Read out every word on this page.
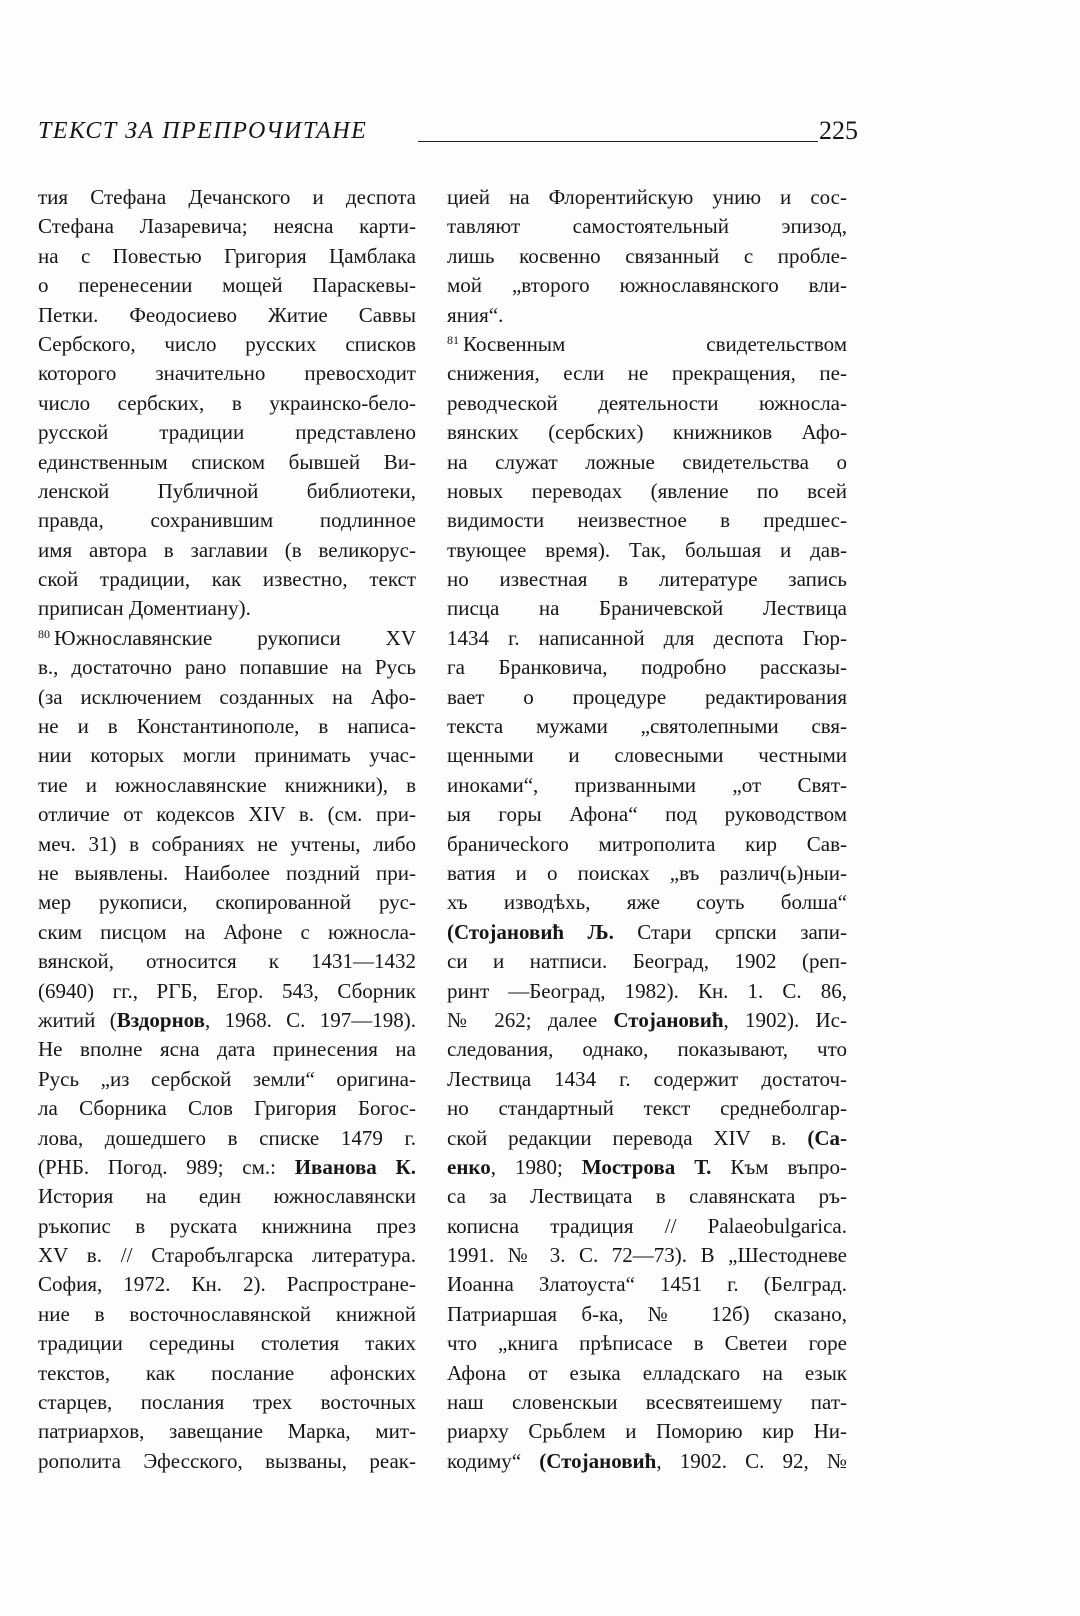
ТЕКСТ ЗА ПРЕПРОЧИТАНЕ	225
тия Стефана Дечанского и деспота
Стефана Лазаревича; неясна карти-
на с Повестью Григория Цамблака
о перенесении мощей Параскевы-
Петки. Феодосиево Житие Саввы
Сербского, число русских списков
которого значительно превосходит
число сербских, в украинско-бело-
русской традиции представлено
единственным списком бывшей Ви-
ленской Публичной библиотеки,
правда, сохранившим подлинное
имя автора в заглавии (в великорус-
ской традиции, как известно, текст
приписан Доментиану).
$^{80}$ Южнославянские рукописи XV
в., достаточно рано попавшие на Русь
(за исключением созданных на Афо-
не и в Константинополе, в написа-
нии которых могли принимать учас-
тие и южнославянские книжники), в
отличие от кодексов XIV в. (см. при-
меч. 31) в собраниях не учтены, либо
не выявлены. Наиболее поздний при-
мер рукописи, скопированной рус-
ским писцом на Афоне с южносла-
вянской, относится к 1431—1432
(6940) гг., РГБ, Егор. 543, Сборник
житий (Вздорнов, 1968. С. 197—198).
Не вполне ясна дата принесения на
Русь „из сербской земли“ оригина-
ла Сборника Слов Григория Богос-
лова, дошедшего в списке 1479 г.
(РНБ. Погод. 989; см.: Иванова К.
История на един южнославянски
ръкопис в руската книжнина през
XV в. // Старобългарска литература.
София, 1972. Кн. 2). Распростране-
ние в восточнославянской книжной
традиции середины столетия таких
текстов, как послание афонских
старцев, послания трех восточных
патриархов, завещание Марка, мит-
рополита Эфесского, вызваны, реак-
цией на Флорентийскую унию и сос-
тавляют самостоятельный эпизод,
лишь косвенно связанный с пробле-
мой „второго южнославянского вли-
яния“.
$^{81}$ Косвенным свидетельством
снижения, если не прекращения, пе-
реводческой деятельности южносла-
вянских (сербских) книжников Афо-
на служат ложные свидетельства о
новых переводах (явление по всей
видимости неизвестное в предшес-
твующее время). Так, большая и дав-
но известная в литературе запись
писца на Браничевской Лествица
1434 г. написанной для деспота Гюр-
га Бранковича, подробно рассказы-
вает о процедуре редактирования
текста мужами „святолепными свя-
щенными и словесными честными
иноками“, призванными „от Свят-
ыя горы Афона“ под руководством
браничеckого митрополита кир Сав-
ватия и о поисках „въ различ(ь)ныи-
хъ изводѣхь, яже соуть болша“
(Стојановић Љ. Стари српски запи-
си и натписи. Београд, 1902 (реп-
ринт —Београд, 1982). Кн. 1. С. 86,
№ 262; далее Стојановић, 1902). Ис-
следования, однако, показывают, что
Лествица 1434 г. содержит достаточ-
но стандартный текст среднеболгар-
ской редакции перевода XIV в. (Са-
енко, 1980; Мострова Т. Към въпро-
са за Лествицата в славянската ръ-
кописна традиция // Palaeobulgarica.
1991. № 3. С. 72—73). В „Шестодневе
Иоанна Златоуста“ 1451 г. (Белград.
Патриаршая б-ка, № 12б) сказано,
что „книга прѣписасе в Светеи горе
Афона от езыка елладскаго на езык
наш словенскыи всесвятеишему пат-
риарху Срьблем и Поморию кир Ни-
кодиму“ (Стојановић, 1902. С. 92, №
